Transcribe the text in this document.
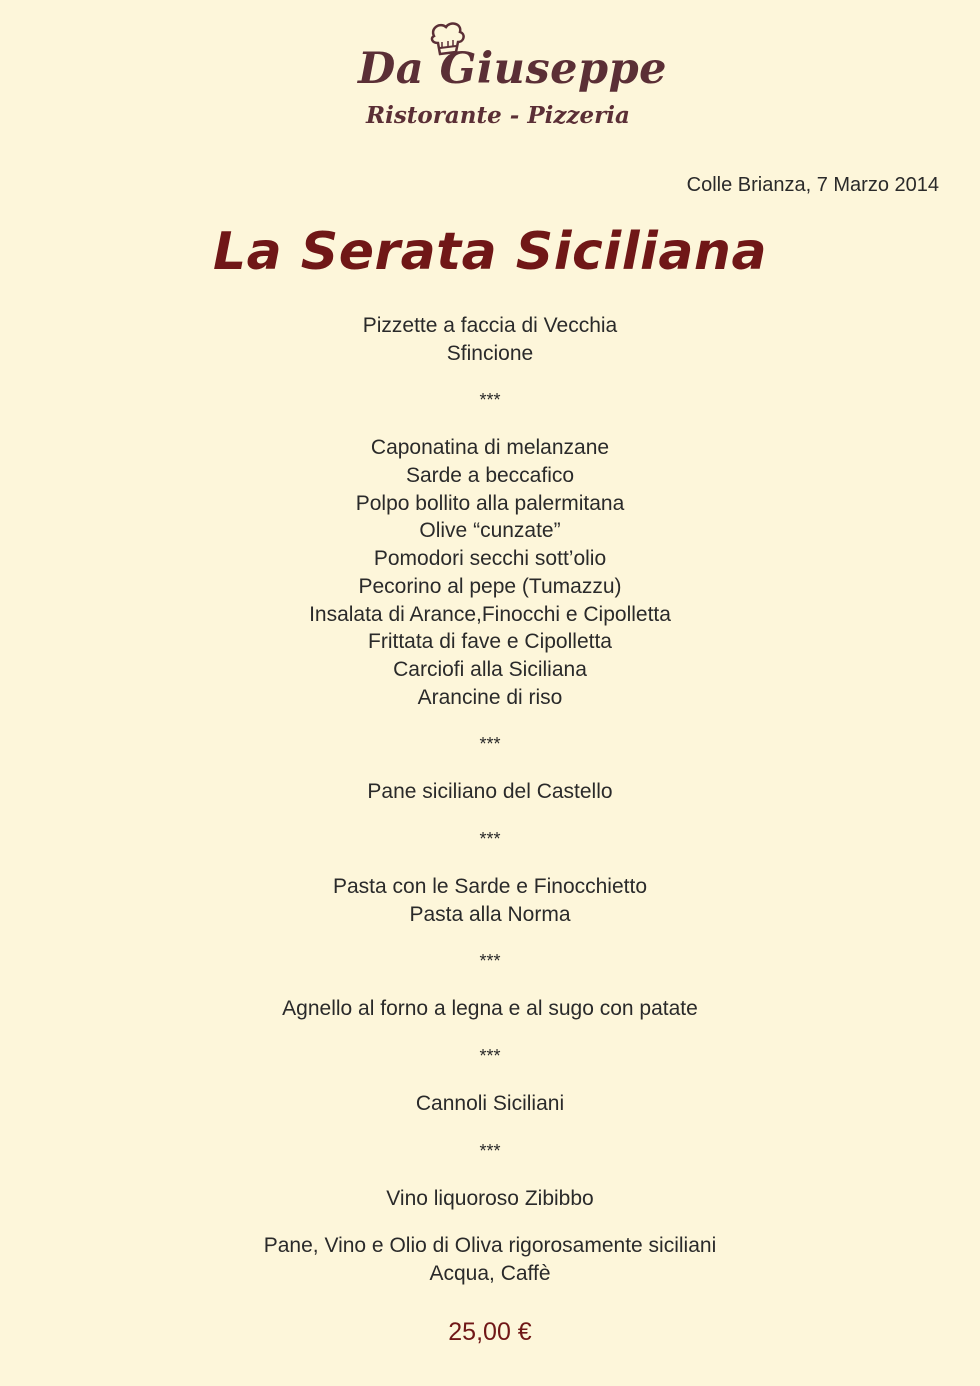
Da Giuseppe
Ristorante - Pizzeria
Colle Brianza, 7 Marzo 2014
La Serata Siciliana
Pizzette a faccia di Vecchia
Sfincione
***
Caponatina di melanzane
Sarde a beccafico
Polpo bollito alla palermitana
Olive “cunzate”
Pomodori secchi sott’olio
Pecorino al pepe (Tumazzu)
Insalata di Arance,Finocchi e Cipolletta
Frittata di fave e Cipolletta
Carciofi alla Siciliana
Arancine di riso
***
Pane siciliano del Castello
***
Pasta con le Sarde e Finocchietto
Pasta alla Norma
***
Agnello al forno a legna e al sugo con patate
***
Cannoli Siciliani
***
Vino liquoroso Zibibbo
Pane, Vino e Olio di Oliva rigorosamente siciliani
Acqua, Caffè
25,00 €
